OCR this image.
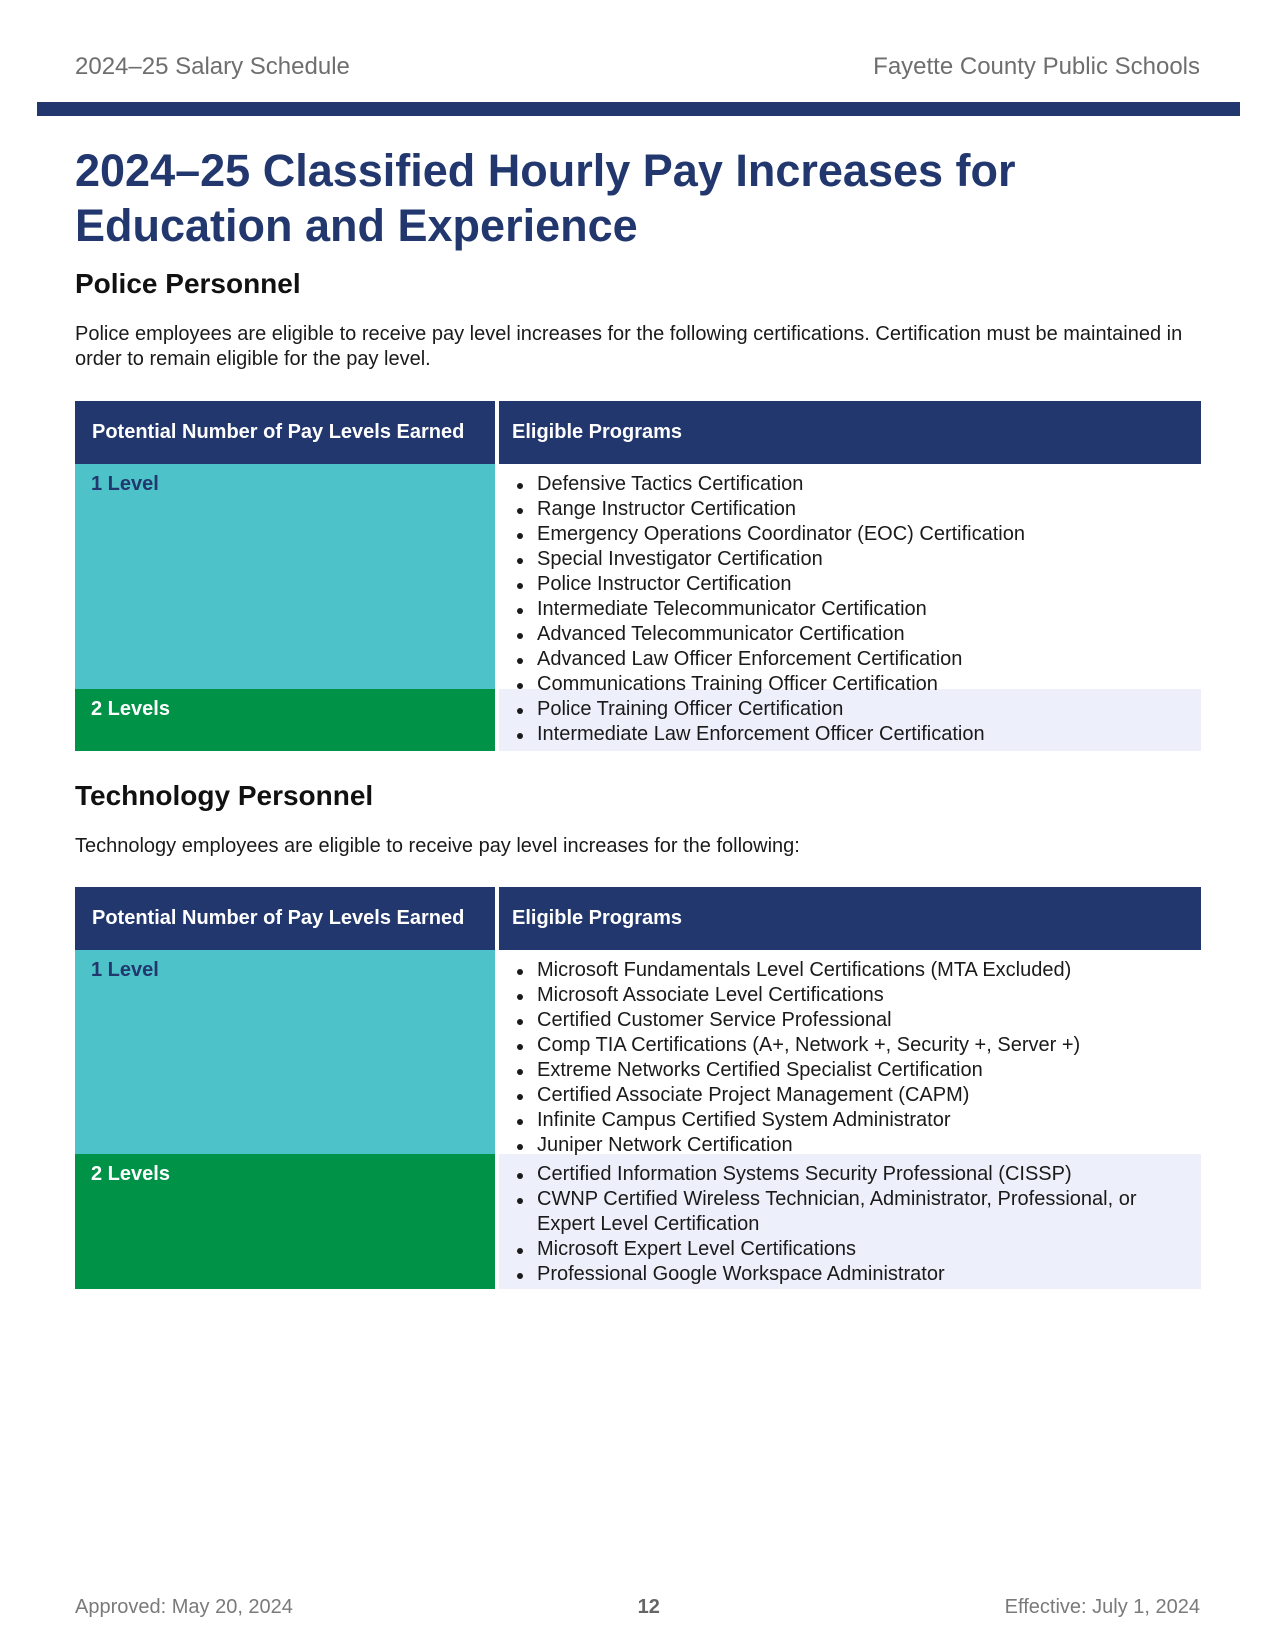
2024–25 Salary Schedule	Fayette County Public Schools
2024–25 Classified Hourly Pay Increases for Education and Experience
Police Personnel

Police employees are eligible to receive pay level increases for the following certifications. Certification must be maintained in order to remain eligible for the pay level.

Potential Number of Pay Levels Earned	Eligible Programs
1 Level	Defensive Tactics Certification
Range Instructor Certification
Emergency Operations Coordinator (EOC) Certification
Special Investigator Certification
Police Instructor Certification
Intermediate Telecommunicator Certification
Advanced Telecommunicator Certification
Advanced Law Officer Enforcement Certification
Communications Training Officer Certification
2 Levels	Police Training Officer Certification
Intermediate Law Enforcement Officer Certification
Technology Personnel

Technology employees are eligible to receive pay level increases for the following:

Potential Number of Pay Levels Earned	Eligible Programs
1 Level	Microsoft Fundamentals Level Certifications (MTA Excluded)
Microsoft Associate Level Certifications
Certified Customer Service Professional
Comp TIA Certifications (A+, Network +, Security +, Server +)
Extreme Networks Certified Specialist Certification
Certified Associate Project Management (CAPM)
Infinite Campus Certified System Administrator
Juniper Network Certification
2 Levels	Certified Information Systems Security Professional (CISSP)
CWNP Certified Wireless Technician, Administrator, Professional, or Expert Level Certification
Microsoft Expert Level Certifications
Professional Google Workspace Administrator
Approved: May 20, 2024	12	Effective: July 1, 2024
